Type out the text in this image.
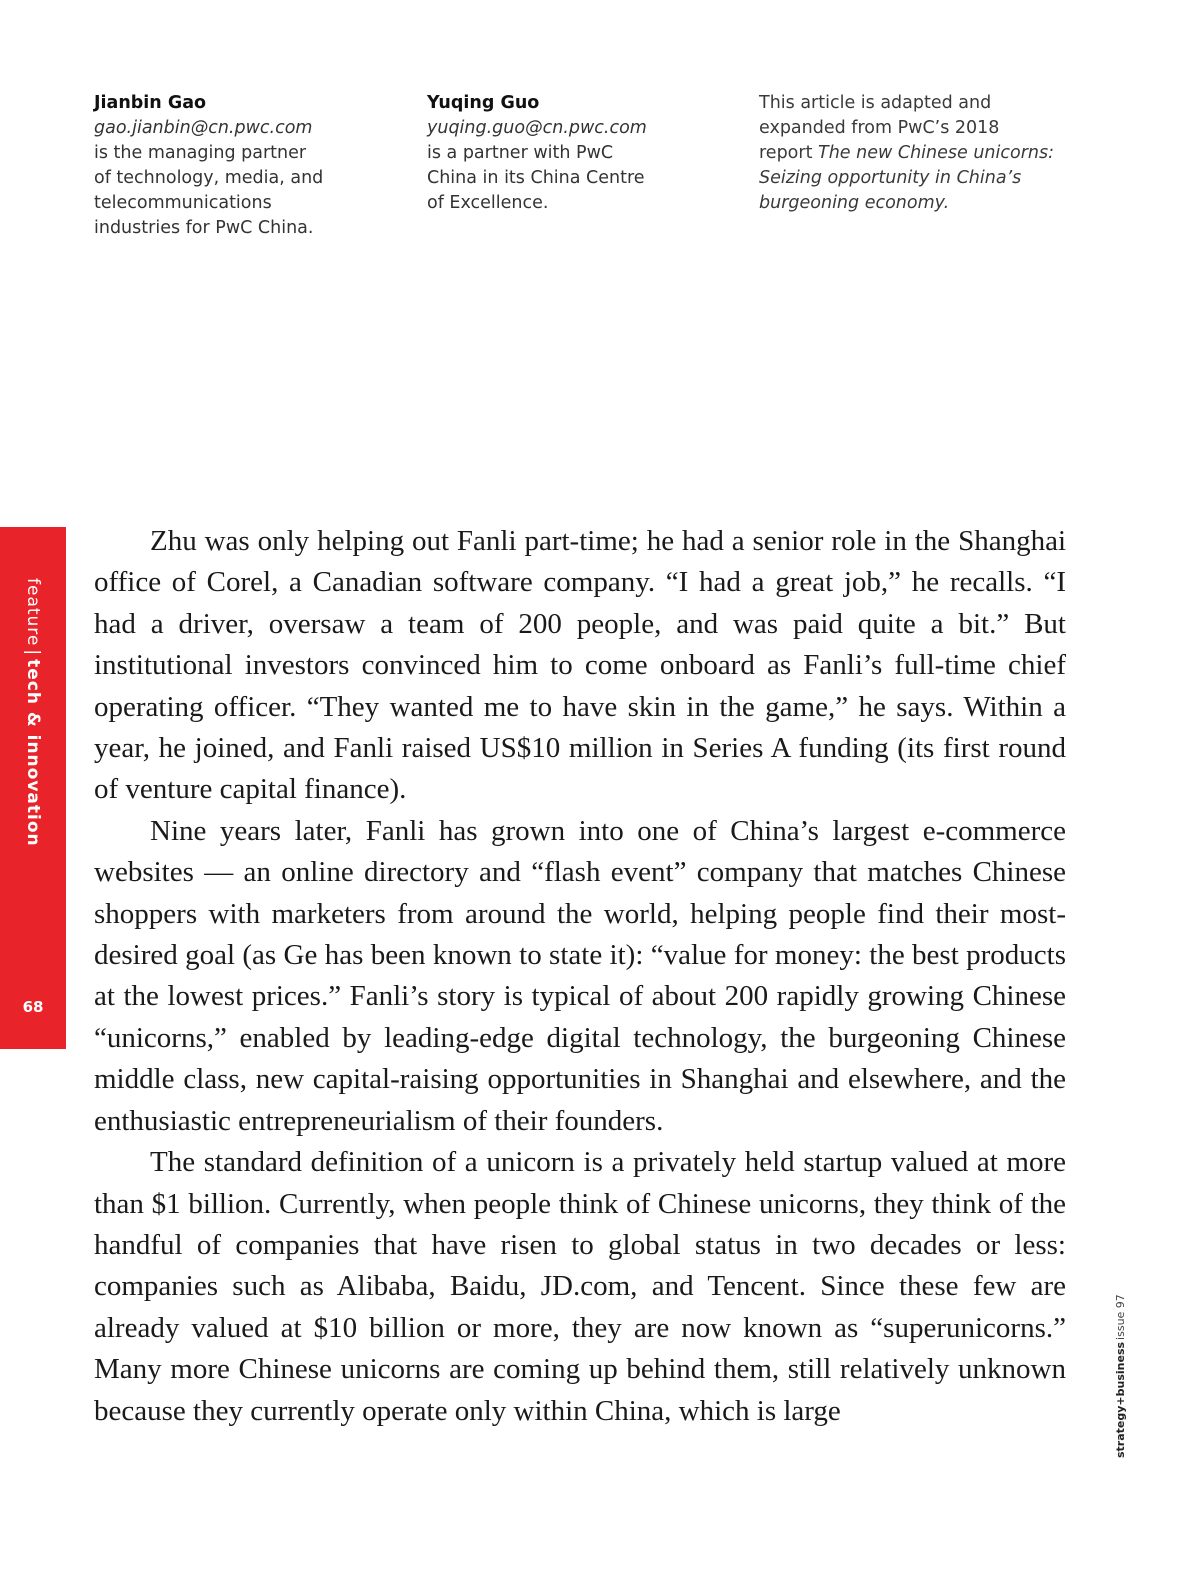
Jianbin Gao
gao.jianbin@cn.pwc.com
is the managing partner
of technology, media, and
telecommunications
industries for PwC China.
Yuqing Guo
yuqing.guo@cn.pwc.com
is a partner with PwC
China in its China Centre
of Excellence.
This article is adapted and
expanded from PwC’s 2018
report The new Chinese unicorns:
Seizing opportunity in China’s
burgeoning economy.
feature|tech & innovation
68

Zhu was only helping out Fanli part-time; he had a senior role in the Shanghai office of Corel, a Canadian software company. “I had a great job,” he recalls. “I had a driver, oversaw a team of 200 people, and was paid quite a bit.” But institutional investors convinced him to come onboard as Fanli’s full-time chief operating officer. “They wanted me to have skin in the game,” he says. Within a year, he joined, and Fanli raised US$10 million in Series A funding (its first round of venture capital finance).

Nine years later, Fanli has grown into one of China’s largest e-commerce websites — an online directory and “flash event” company that matches Chinese shoppers with marketers from around the world, helping people find their most-desired goal (as Ge has been known to state it): “value for money: the best products at the lowest prices.” Fanli’s story is typical of about 200 rapidly growing Chinese “unicorns,” enabled by leading-edge digital technology, the burgeoning Chinese middle class, new capital-raising opportunities in Shanghai and elsewhere, and the enthusiastic entrepreneurialism of their founders.

The standard definition of a unicorn is a privately held startup valued at more than $1 billion. Currently, when people think of Chinese unicorns, they think of the handful of companies that have risen to global status in two decades or less: companies such as Alibaba, Baidu, JD.com, and Tencent. Since these few are already valued at $10 billion or more, they are now known as “superunicorns.” Many more Chinese unicorns are coming up behind them, still relatively unknown because they currently operate only within China, which is large	strategy+businessissue 97
